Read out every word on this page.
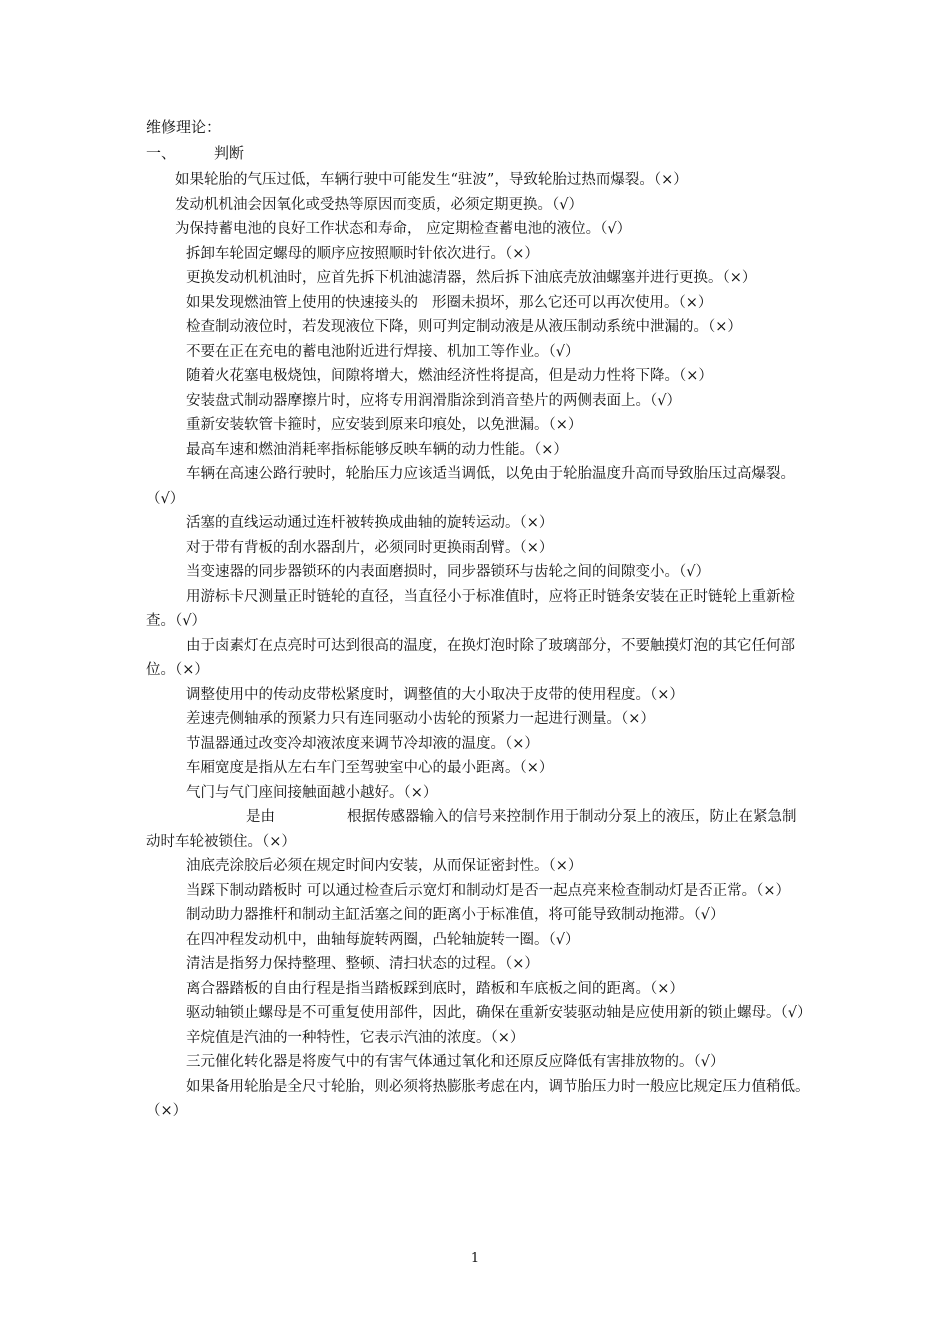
维修理论：
一、	判断

如果轮胎的气压过低，车辆行驶中可能发生“驻波”，导致轮胎过热而爆裂。（×）

发动机机油会因氧化或受热等原因而变质，必须定期更换。（√）

为保持蓄电池的良好工作状态和寿命， 应定期检查蓄电池的液位。（√）

拆卸车轮固定螺母的顺序应按照顺时针依次进行。（×）

更换发动机机油时，应首先拆下机油滤清器，然后拆下油底壳放油螺塞并进行更换。（×）

如果发现燃油管上使用的快速接头的 形圈未损坏，那么它还可以再次使用。（×）

检查制动液位时，若发现液位下降，则可判定制动液是从液压制动系统中泄漏的。（×）

不要在正在充电的蓄电池附近进行焊接、机加工等作业。（√）

随着火花塞电极烧蚀，间隙将增大，燃油经济性将提高，但是动力性将下降。（×）

安装盘式制动器摩擦片时，应将专用润滑脂涂到消音垫片的两侧表面上。（√）

重新安装软管卡箍时，应安装到原来印痕处，以免泄漏。（×）

最高车速和燃油消耗率指标能够反映车辆的动力性能。（×）

车辆在高速公路行驶时，轮胎压力应该适当调低，以免由于轮胎温度升高而导致胎压过高爆裂。（√）

活塞的直线运动通过连杆被转换成曲轴的旋转运动。（×）

对于带有背板的刮水器刮片，必须同时更换雨刮臂。（×）

当变速器的同步器锁环的内表面磨损时，同步器锁环与齿轮之间的间隙变小。（√）

用游标卡尺测量正时链轮的直径，当直径小于标准值时，应将正时链条安装在正时链轮上重新检查。（√）

由于卤素灯在点亮时可达到很高的温度，在换灯泡时除了玻璃部分，不要触摸灯泡的其它任何部位。（×）

调整使用中的传动皮带松紧度时，调整值的大小取决于皮带的使用程度。（×）

差速壳侧轴承的预紧力只有连同驱动小齿轮的预紧力一起进行测量。（×）

节温器通过改变冷却液浓度来调节冷却液的温度。（×）

车厢宽度是指从左右车门至驾驶室中心的最小距离。（×）

气门与气门座间接触面越小越好。（×）

是由	根据传感器输入的信号来控制作用于制动分泵上的液压，防止在紧急制动时车轮被锁住。（×）

油底壳涂胶后必须在规定时间内安装，从而保证密封性。（×）

当踩下制动踏板时 可以通过检查后示宽灯和制动灯是否一起点亮来检查制动灯是否正常。（×）

制动助力器推杆和制动主缸活塞之间的距离小于标准值，将可能导致制动拖滞。（√）

在四冲程发动机中，曲轴每旋转两圈，凸轮轴旋转一圈。（√）

清洁是指努力保持整理、整顿、清扫状态的过程。（×）

离合器踏板的自由行程是指当踏板踩到底时，踏板和车底板之间的距离。（×）

驱动轴锁止螺母是不可重复使用部件，因此，确保在重新安装驱动轴是应使用新的锁止螺母。（√）

辛烷值是汽油的一种特性，它表示汽油的浓度。（×）

三元催化转化器是将废气中的有害气体通过氧化和还原反应降低有害排放物的。（√）

如果备用轮胎是全尺寸轮胎，则必须将热膨胀考虑在内，调节胎压力时一般应比规定压力值稍低。（×）

1
